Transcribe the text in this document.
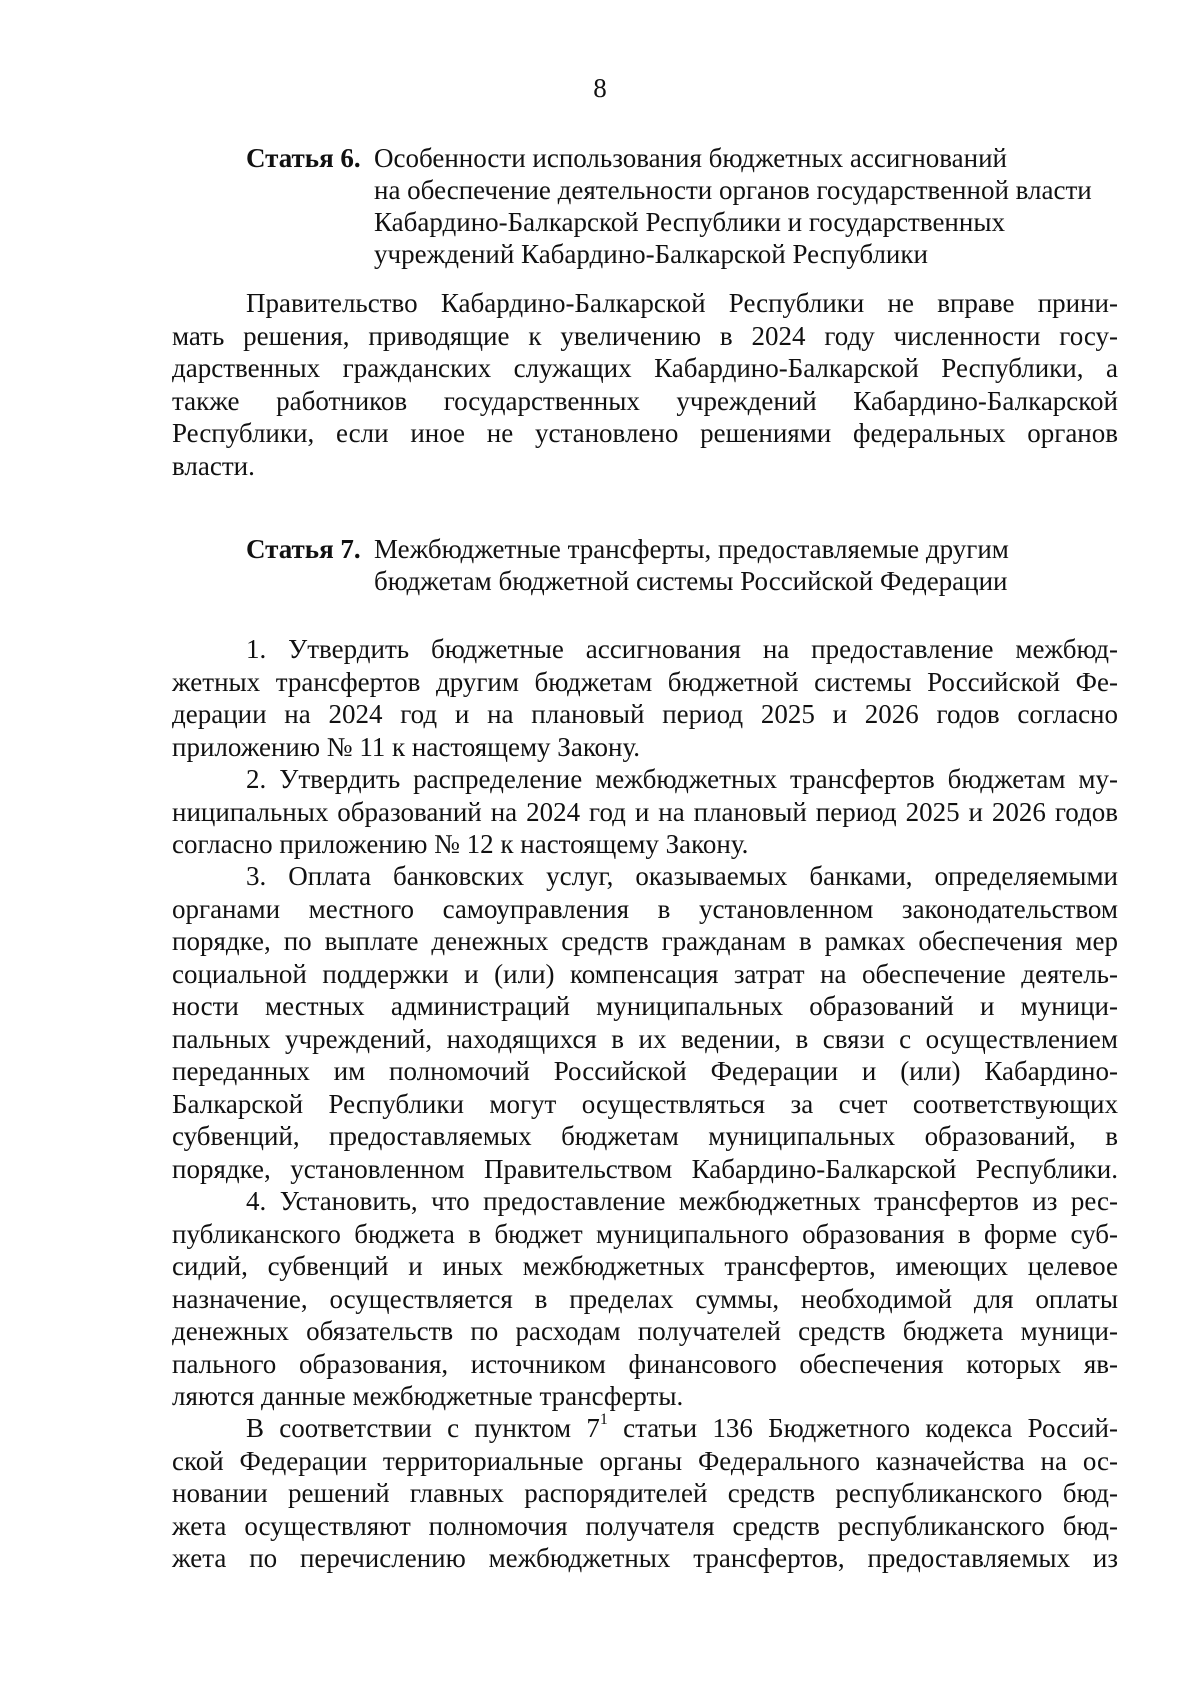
8
Статья 6. Особенности использования бюджетных ассигнований
на обеспечение деятельности органов государственной власти
Кабардино-Балкарской Республики и государственных
учреждений Кабардино-Балкарской Республики
Правительство Кабардино-Балкарской Республики не вправе прини-
мать решения, приводящие к увеличению в 2024 году численности госу-
дарственных гражданских служащих Кабардино-Балкарской Республики, а
также работников государственных учреждений Кабардино-Балкарской
Республики, если иное не установлено решениями федеральных органов
власти.
Статья 7. Межбюджетные трансферты, предоставляемые другим
бюджетам бюджетной системы Российской Федерации
1. Утвердить бюджетные ассигнования на предоставление межбюд-
жетных трансфертов другим бюджетам бюджетной системы Российской Фе-
дерации на 2024 год и на плановый период 2025 и 2026 годов согласно
приложению № 11 к настоящему Закону.
2. Утвердить распределение межбюджетных трансфертов бюджетам му-
ниципальных образований на 2024 год и на плановый период 2025 и 2026 годов
согласно приложению № 12 к настоящему Закону.
3. Оплата банковских услуг, оказываемых банками, определяемыми
органами местного самоуправления в установленном законодательством
порядке, по выплате денежных средств гражданам в рамках обеспечения мер
социальной поддержки и (или) компенсация затрат на обеспечение деятель-
ности местных администраций муниципальных образований и муници-
пальных учреждений, находящихся в их ведении, в связи с осуществлением
переданных им полномочий Российской Федерации и (или) Кабардино-
Балкарской Республики могут осуществляться за счет соответствующих
субвенций, предоставляемых бюджетам муниципальных образований, в
порядке, установленном Правительством Кабардино-Балкарской Республики.
4. Установить, что предоставление межбюджетных трансфертов из рес-
публиканского бюджета в бюджет муниципального образования в форме суб-
сидий, субвенций и иных межбюджетных трансфертов, имеющих целевое
назначение, осуществляется в пределах суммы, необходимой для оплаты
денежных обязательств по расходам получателей средств бюджета муници-
пального образования, источником финансового обеспечения которых яв-
ляются данные межбюджетные трансферты.
В соответствии с пунктом $7^1$ статьи 136 Бюджетного кодекса Россий-
ской Федерации территориальные органы Федерального казначейства на ос-
новании решений главных распорядителей средств республиканского бюд-
жета осуществляют полномочия получателя средств республиканского бюд-
жета по перечислению межбюджетных трансфертов, предоставляемых из
